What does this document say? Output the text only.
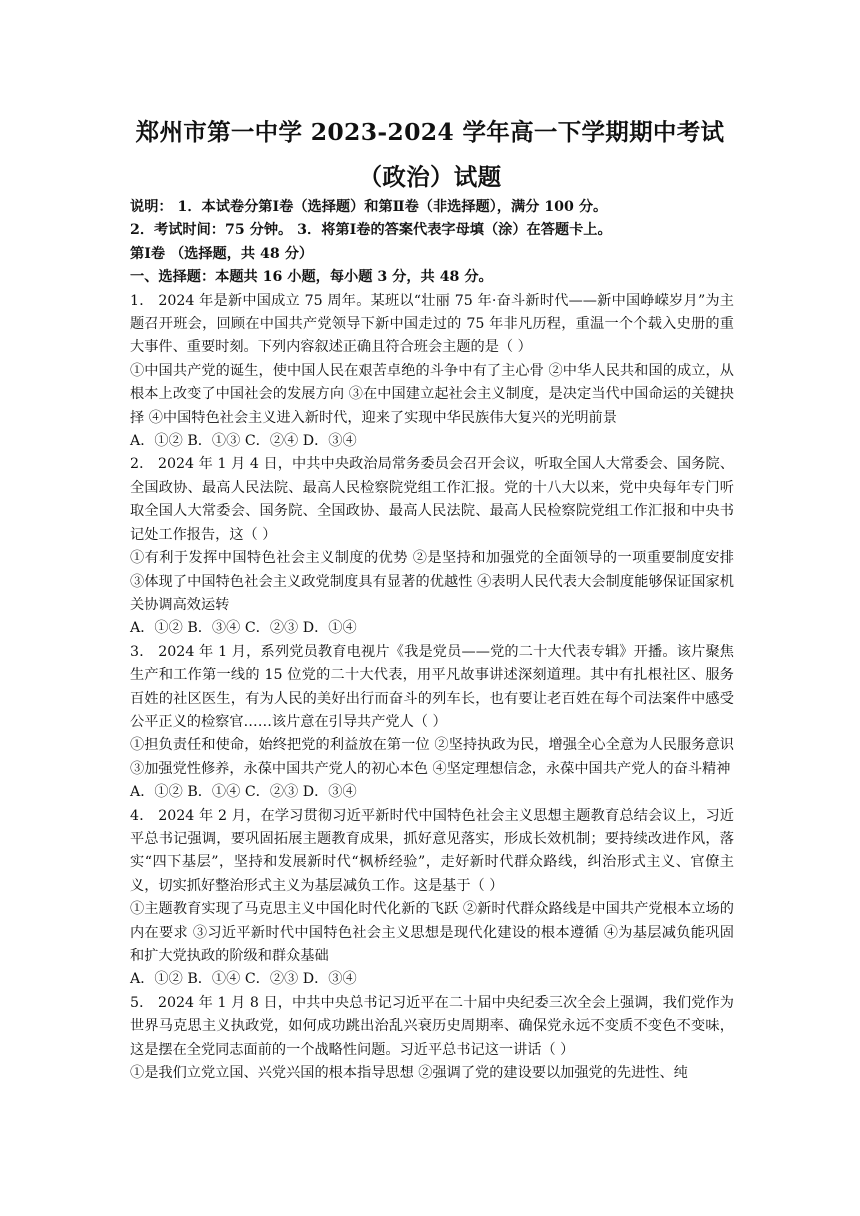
郑州市第一中学 2023-2024 学年高一下学期期中考试
（政治）试题

说明： 1．本试卷分第Ⅰ卷（选择题）和第Ⅱ卷（非选择题），满分 100 分。

2．考试时间：75 分钟。 3．将第Ⅰ卷的答案代表字母填（涂）在答题卡上。

第Ⅰ卷 （选择题，共 48 分）

一、选择题：本题共 16 小题，每小题 3 分，共 48 分。

1． 2024 年是新中国成立 75 周年。某班以“壮丽 75 年·奋斗新时代——新中国峥嵘岁月”为主题召开班会，回顾在中国共产党领导下新中国走过的 75 年非凡历程，重温一个个载入史册的重大事件、重要时刻。下列内容叙述正确且符合班会主题的是（ ）

①中国共产党的诞生，使中国人民在艰苦卓绝的斗争中有了主心骨 ②中华人民共和国的成立，从根本上改变了中国社会的发展方向 ③在中国建立起社会主义制度，是决定当代中国命运的关键抉择 ④中国特色社会主义进入新时代，迎来了实现中华民族伟大复兴的光明前景

A．①② B．①③ C．②④ D．③④

2． 2024 年 1 月 4 日，中共中央政治局常务委员会召开会议，听取全国人大常委会、国务院、全国政协、最高人民法院、最高人民检察院党组工作汇报。党的十八大以来，党中央每年专门听取全国人大常委会、国务院、全国政协、最高人民法院、最高人民检察院党组工作汇报和中央书记处工作报告，这（ ）

①有利于发挥中国特色社会主义制度的优势 ②是坚持和加强党的全面领导的一项重要制度安排 ③体现了中国特色社会主义政党制度具有显著的优越性 ④表明人民代表大会制度能够保证国家机关协调高效运转

A．①② B．③④ C．②③ D．①④

3． 2024 年 1 月，系列党员教育电视片《我是党员——党的二十大代表专辑》开播。该片聚焦生产和工作第一线的 15 位党的二十大代表，用平凡故事讲述深刻道理。其中有扎根社区、服务百姓的社区医生，有为人民的美好出行而奋斗的列车长，也有要让老百姓在每个司法案件中感受公平正义的检察官……该片意在引导共产党人（ ）

①担负责任和使命，始终把党的利益放在第一位 ②坚持执政为民，增强全心全意为人民服务意识 ③加强党性修养，永葆中国共产党人的初心本色 ④坚定理想信念，永葆中国共产党人的奋斗精神

A．①② B．①④ C．②③ D．③④

4． 2024 年 2 月，在学习贯彻习近平新时代中国特色社会主义思想主题教育总结会议上，习近平总书记强调，要巩固拓展主题教育成果，抓好意见落实，形成长效机制；要持续改进作风，落实“四下基层”，坚持和发展新时代“枫桥经验”，走好新时代群众路线，纠治形式主义、官僚主义，切实抓好整治形式主义为基层减负工作。这是基于（ ）

①主题教育实现了马克思主义中国化时代化新的飞跃 ②新时代群众路线是中国共产党根本立场的内在要求 ③习近平新时代中国特色社会主义思想是现代化建设的根本遵循 ④为基层减负能巩固和扩大党执政的阶级和群众基础

A．①② B．①④ C．②③ D．③④

5． 2024 年 1 月 8 日，中共中央总书记习近平在二十届中央纪委三次全会上强调，我们党作为世界马克思主义执政党，如何成功跳出治乱兴衰历史周期率、确保党永远不变质不变色不变味，这是摆在全党同志面前的一个战略性问题。习近平总书记这一讲话（ ）

①是我们立党立国、兴党兴国的根本指导思想 ②强调了党的建设要以加强党的先进性、纯
